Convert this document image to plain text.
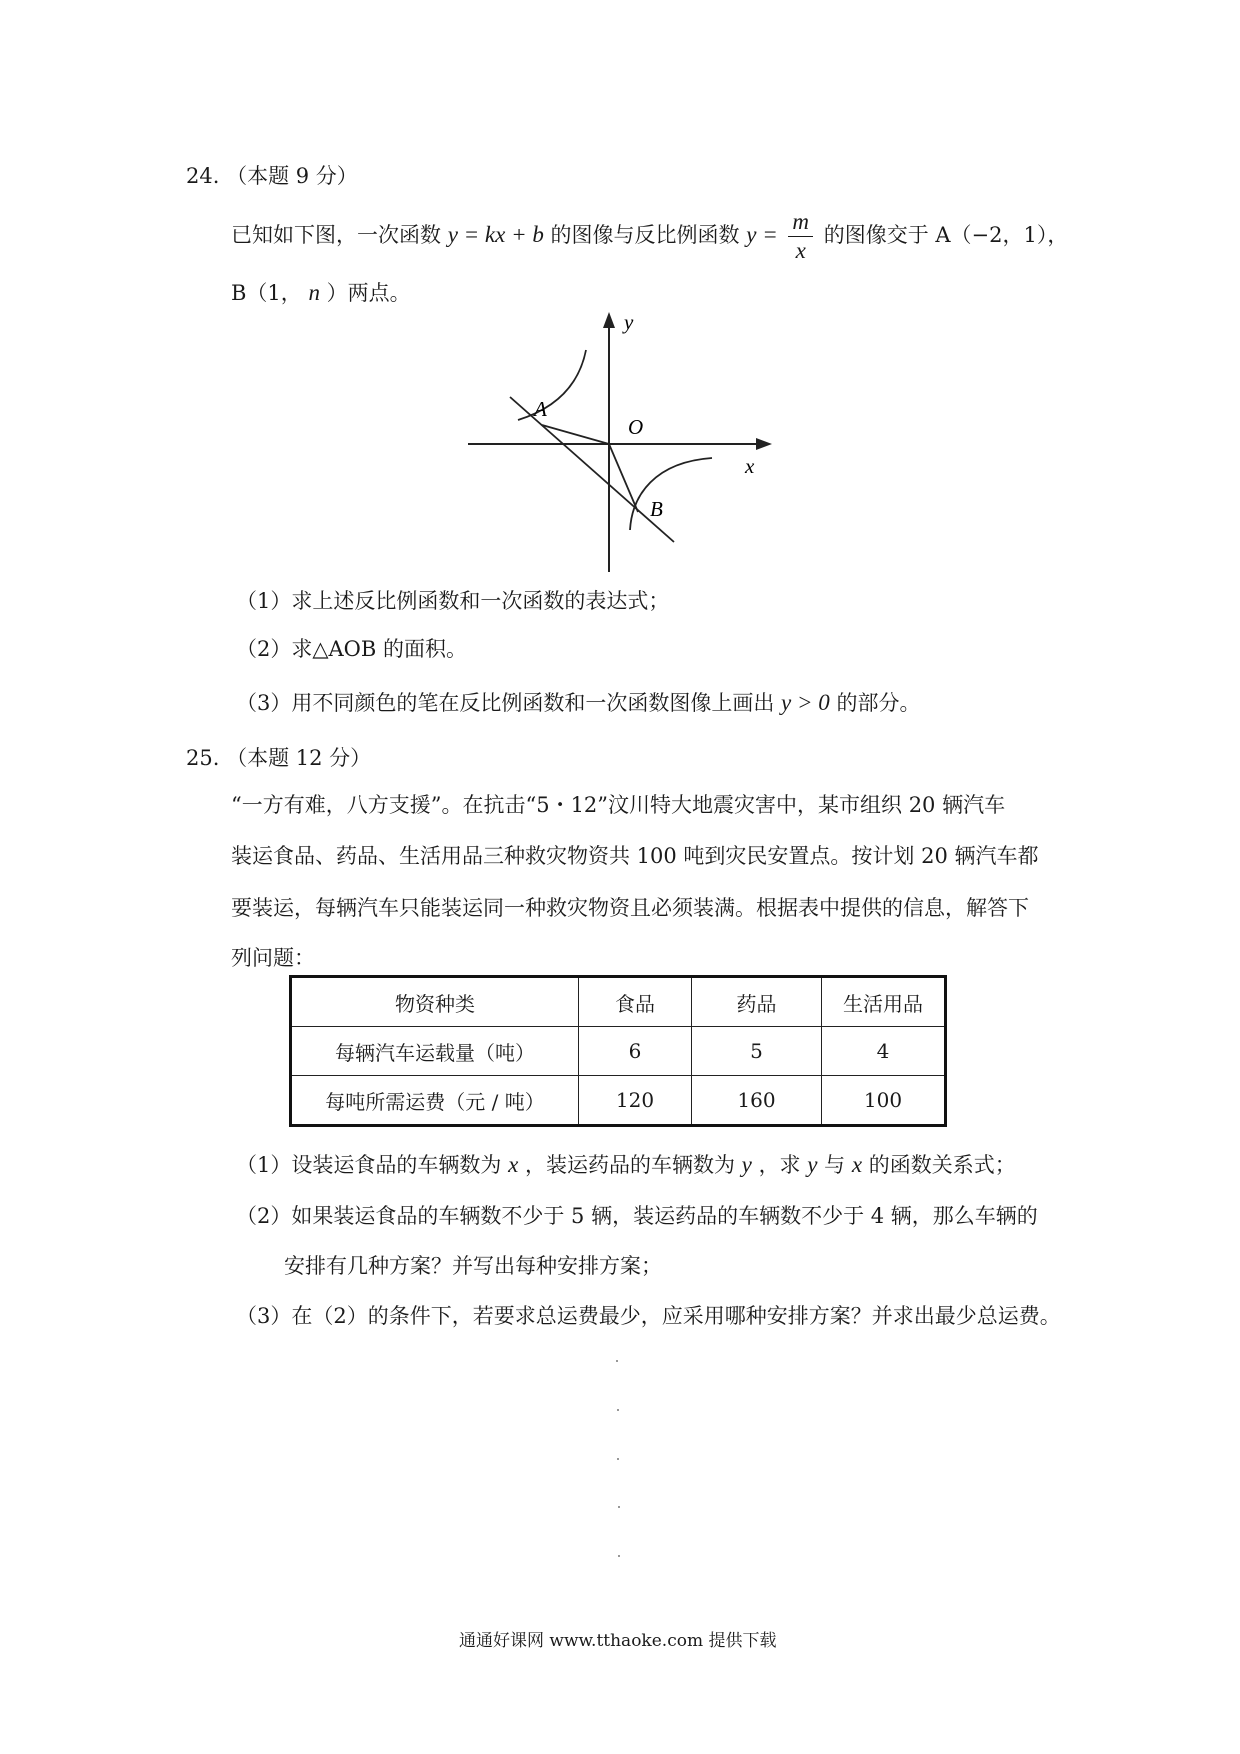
24. （本题 9 分）
已知如下图，一次函数 y = kx + b 的图像与反比例函数 $y = \frac{m}{x}$ 的图像交于 A（−2，1），
B（1， n ）两点。
y
x
O
A
B
（1）求上述反比例函数和一次函数的表达式；
（2）求△AOB 的面积。
（3）用不同颜色的笔在反比例函数和一次函数图像上画出 y > 0 的部分。
25. （本题 12 分）
“一方有难，八方支援”。在抗击“5・12”汶川特大地震灾害中，某市组织 20 辆汽车
装运食品、药品、生活用品三种救灾物资共 100 吨到灾民安置点。按计划 20 辆汽车都
要装运，每辆汽车只能装运同一种救灾物资且必须装满。根据表中提供的信息，解答下
列问题：
物资种类	食品	药品	生活用品
每辆汽车运载量（吨）	6	5	4
每吨所需运费（元 / 吨）	120	160	100
（1）设装运食品的车辆数为 x ，装运药品的车辆数为 y ，求 y 与 x 的函数关系式；
（2）如果装运食品的车辆数不少于 5 辆，装运药品的车辆数不少于 4 辆，那么车辆的
安排有几种方案？并写出每种安排方案；
（3）在（2）的条件下，若要求总运费最少，应采用哪种安排方案？并求出最少总运费。
通通好课网 www.tthaoke.com 提供下载
